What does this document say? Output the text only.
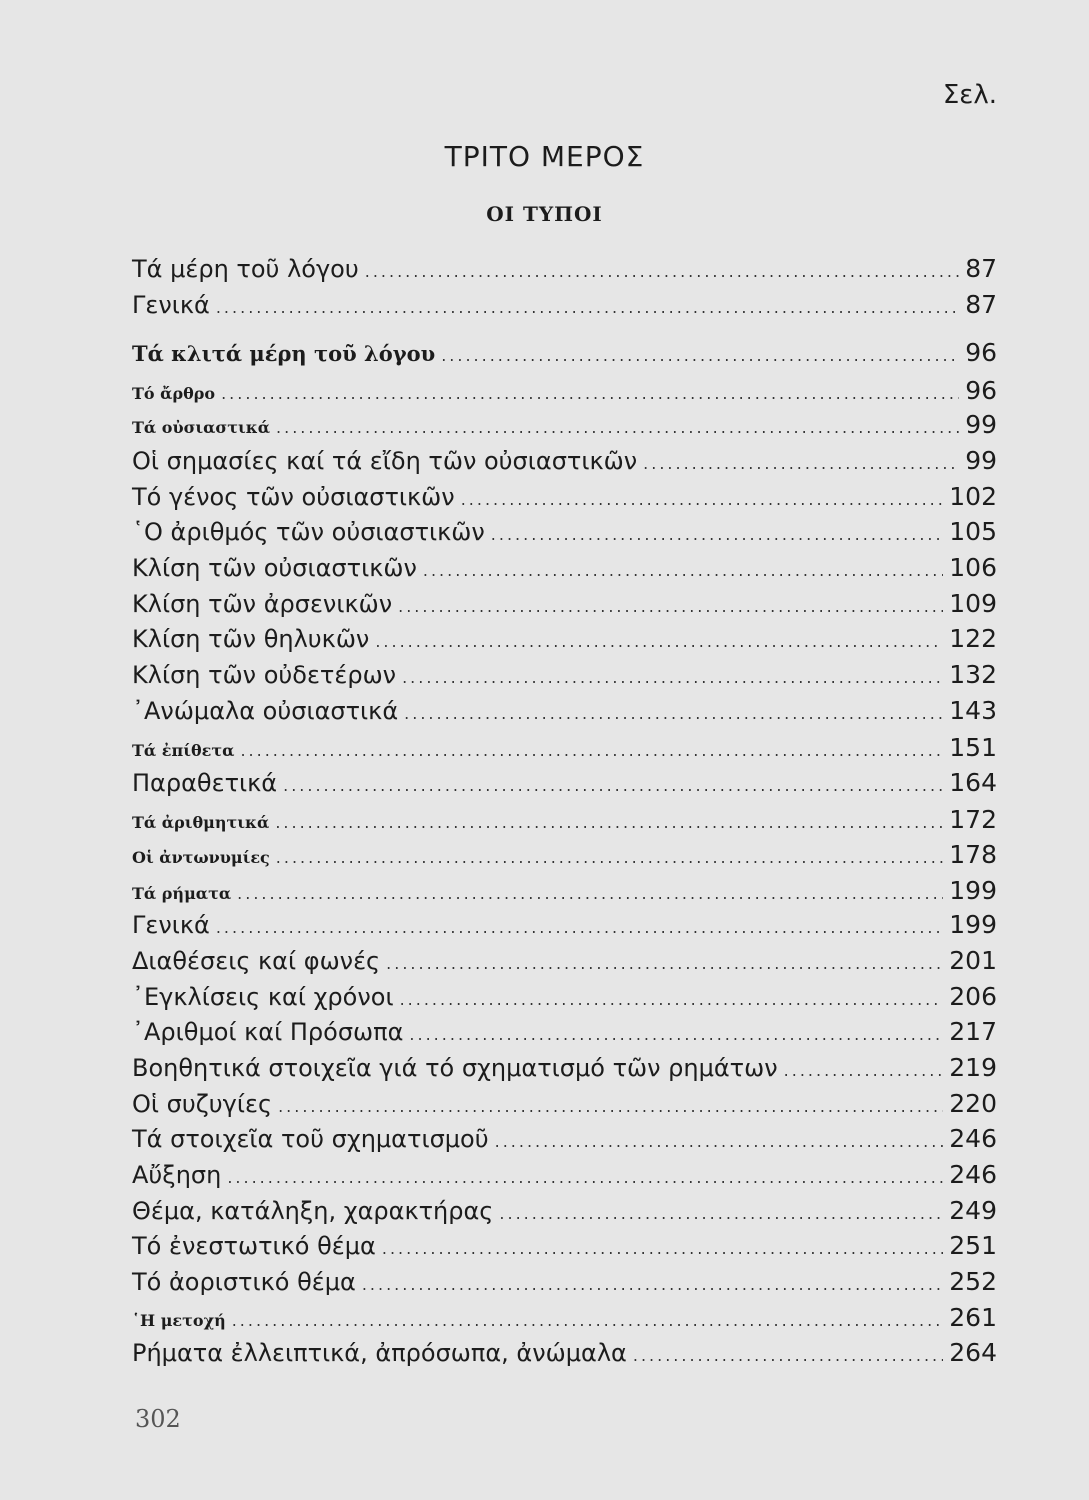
Σελ.
ΤΡΙΤΟ ΜΕΡΟΣ
ΟΙ ΤΥΠΟΙ
Τά μέρη τοῦ λόγου .....	87
Γενικά .....	87
Τά κλιτά μέρη τοῦ λόγου .....	96
Τό ἄρθρο .....	96
Τά οὐσιαστικά .....	99
Οἱ σημασίες καί τά εἴδη τῶν οὐσιαστικῶν .....	99
Τό γένος τῶν οὐσιαστικῶν .....	102
῾Ο ἀριθμός τῶν οὐσιαστικῶν .....	105
Κλίση τῶν οὐσιαστικῶν .....	106
Κλίση τῶν ἀρσενικῶν .....	109
Κλίση τῶν θηλυκῶν .....	122
Κλίση τῶν οὐδετέρων .....	132
᾿Ανώμαλα οὐσιαστικά .....	143
Τά ἐπίθετα .....	151
Παραθετικά .....	164
Τά ἀριθμητικά .....	172
Οἱ ἀντωνυμίες .....	178
Τά ρήματα .....	199
Γενικά .....	199
Διαθέσεις καί φωνές .....	201
᾿Εγκλίσεις καί χρόνοι .....	206
᾿Αριθμοί καί Πρόσωπα .....	217
Βοηθητικά στοιχεῖα γιά τό σχηματισμό τῶν ρημάτων .....	219
Οἱ συζυγίες .....	220
Τά στοιχεῖα τοῦ σχηματισμοῦ .....	246
Αὔξηση .....	246
Θέμα, κατάληξη, χαρακτήρας .....	249
Τό ἐνεστωτικό θέμα .....	251
Τό ἀοριστικό θέμα .....	252
῾Η μετοχή .....	261
Ρήματα ἐλλειπτικά, ἀπρόσωπα, ἀνώμαλα .....	264
302
